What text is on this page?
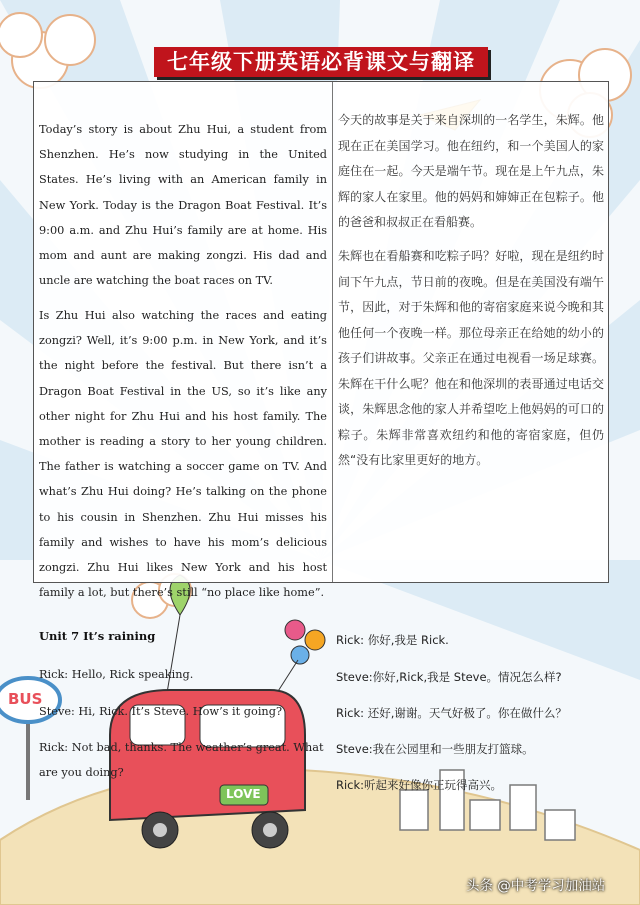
七年级下册英语必背课文与翻译

Today’s story is about Zhu Hui, a student from Shenzhen. He’s now studying in the United States. He’s living with an American family in New York. Today is the Dragon Boat Festival. It’s 9:00 a.m. and Zhu Hui’s family are at home. His mom and aunt are making zongzi. His dad and uncle are watching the boat races on TV.

Is Zhu Hui also watching the races and eating zongzi? Well, it’s 9:00 p.m. in New York, and it’s the night before the festival. But there isn’t a Dragon Boat Festival in the US, so it’s like any other night for Zhu Hui and his host family. The mother is reading a story to her young children. The father is watching a soccer game on TV. And what’s Zhu Hui doing? He’s talking on the phone to his cousin in Shenzhen. Zhu Hui misses his family and wishes to have his mom’s delicious zongzi. Zhu Hui likes New York and his host family a lot, but there’s still “no place like home”.

今天的故事是关于来自深圳的一名学生，朱辉。他现在正在美国学习。他在纽约，和一个美国人的家庭住在一起。今天是端午节。现在是上午九点，朱辉的家人在家里。他的妈妈和婶婶正在包粽子。他的爸爸和叔叔正在看船赛。

朱辉也在看船赛和吃粽子吗？好啦，现在是纽约时间下午九点，节日前的夜晚。但是在美国没有端午节，因此，对于朱辉和他的寄宿家庭来说今晚和其他任何一个夜晚一样。那位母亲正在给她的幼小的孩子们讲故事。父亲正在通过电视看一场足球赛。朱辉在干什么呢？他在和他深圳的表哥通过电话交谈，朱辉思念他的家人并希望吃上他妈妈的可口的粽子。朱辉非常喜欢纽约和他的寄宿家庭，但仍然“没有比家里更好的地方。

Unit 7 It’s raining

Rick: Hello, Rick speaking.

Steve: Hi, Rick. It’s Steve. How’s it going?

Rick: Not bad, thanks. The weather’s great. What are you doing?

Rick: 你好,我是 Rick.

Steve:你好,Rick,我是 Steve。情况怎么样?

Rick: 还好,谢谢。天气好极了。你在做什么？

Steve:我在公园里和一些朋友打篮球。

Rick:听起来好像你正玩得高兴。

BUS
LOVE
头条 @中考学习加油站
